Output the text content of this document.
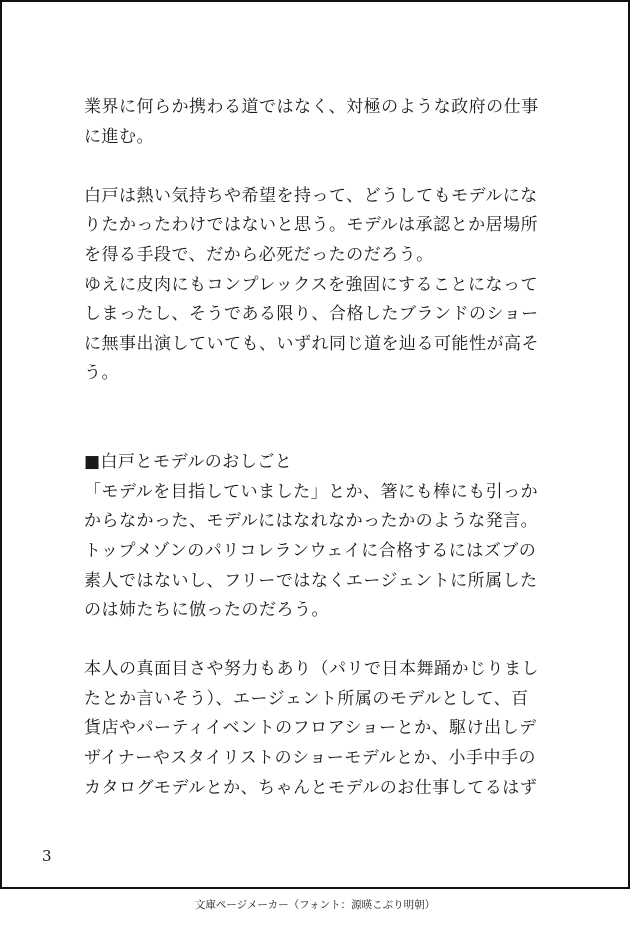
業界に何らか携わる道ではなく、対極のような政府の仕事
に進む。

白戸は熱い気持ちや希望を持って、どうしてもモデルにな
りたかったわけではないと思う。モデルは承認とか居場所
を得る手段で、だから必死だったのだろう。
ゆえに皮肉にもコンプレックスを強固にすることになって
しまったし、そうである限り、合格したブランドのショー
に無事出演していても、いずれ同じ道を辿る可能性が高そ
う。

■白戸とモデルのおしごと
「モデルを目指していました」とか、箸にも棒にも引っか
からなかった、モデルにはなれなかったかのような発言。
トップメゾンのパリコレランウェイに合格するにはズブの
素人ではないし、フリーではなくエージェントに所属した
のは姉たちに倣ったのだろう。

本人の真面目さや努力もあり（パリで日本舞踊かじりまし
たとか言いそう）、エージェント所属のモデルとして、百
貨店やパーティイベントのフロアショーとか、駆け出しデ
ザイナーやスタイリストのショーモデルとか、小手中手の
カタログモデルとか、ちゃんとモデルのお仕事してるはず
3
文庫ページメーカー（フォント：源暎こぶり明朝）
